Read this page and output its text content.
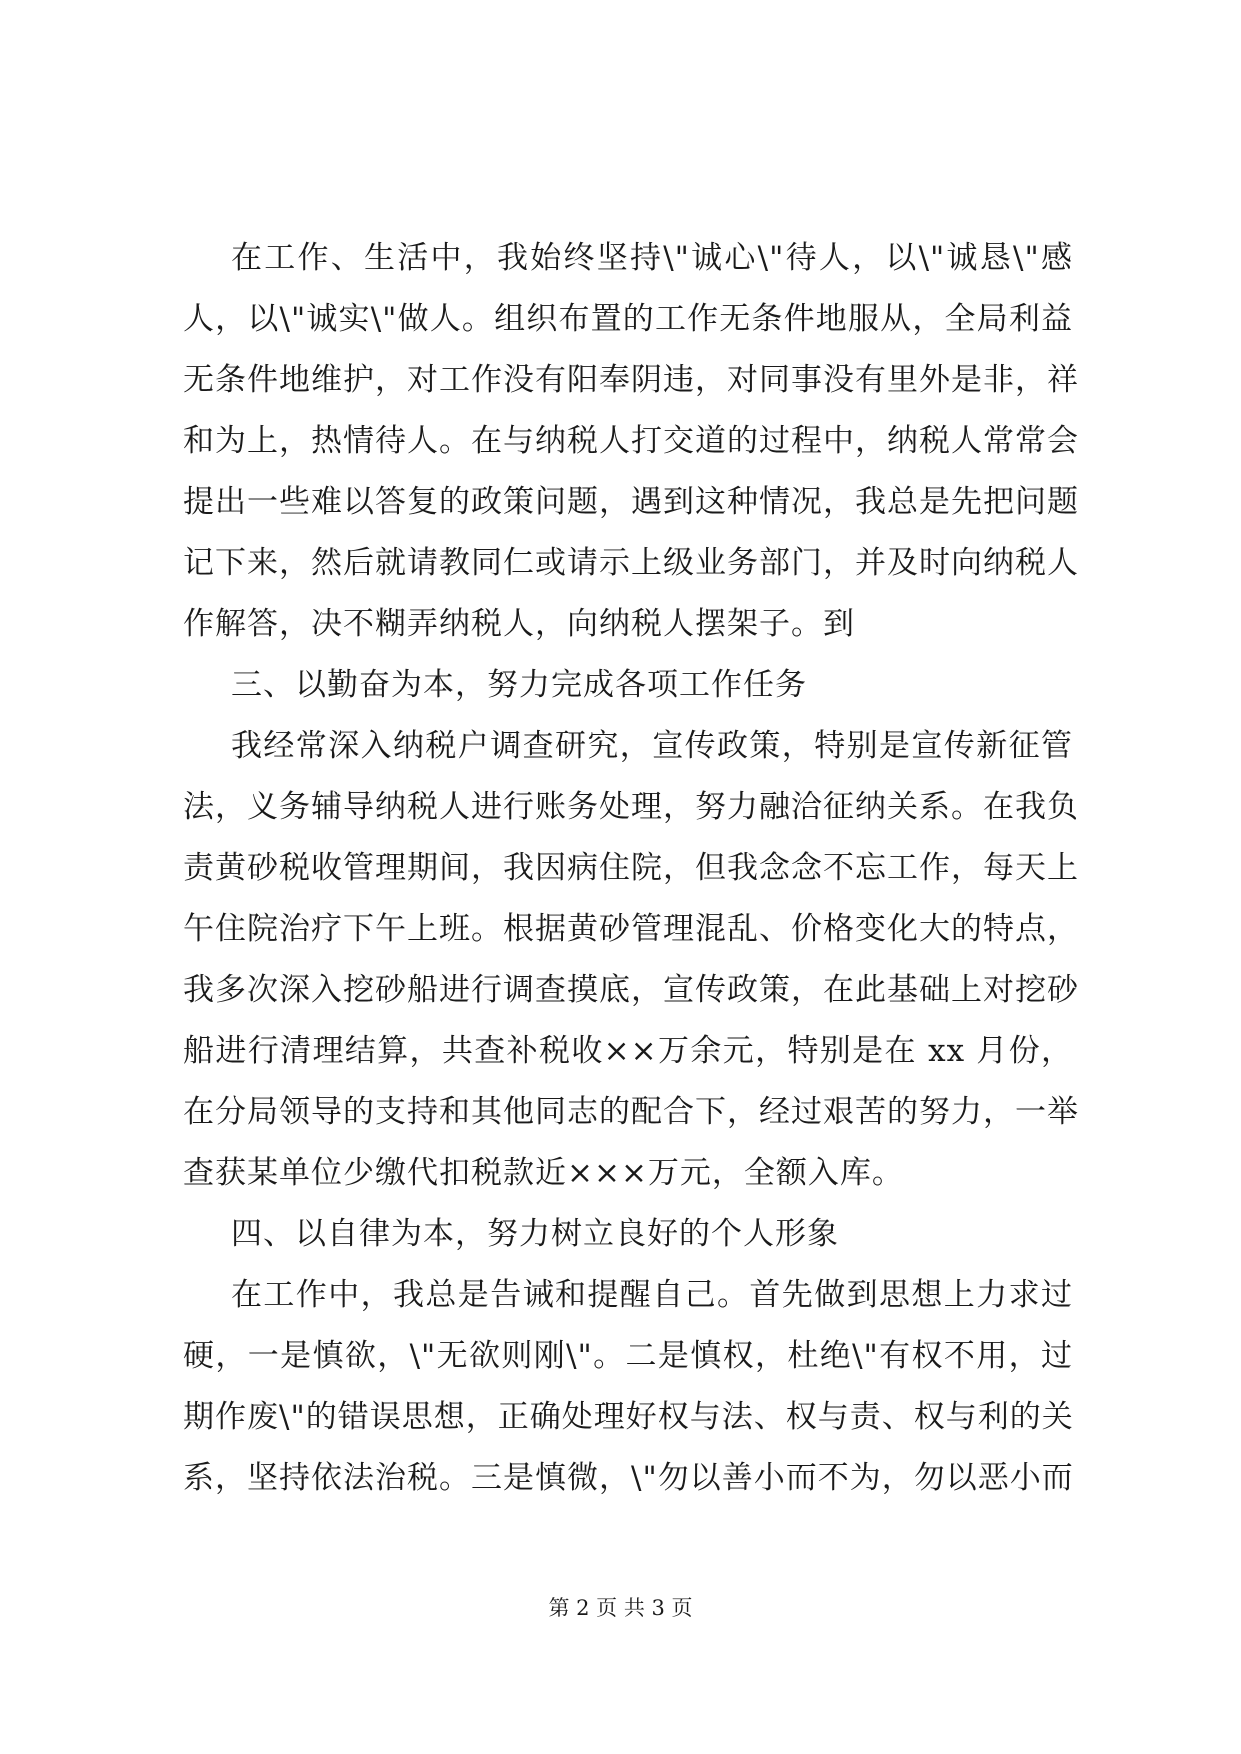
在工作、生活中，我始终坚持\"诚心\"待人，以\"诚恳\"感
人，以\"诚实\"做人。组织布置的工作无条件地服从，全局利益
无条件地维护，对工作没有阳奉阴违，对同事没有里外是非，祥
和为上，热情待人。在与纳税人打交道的过程中，纳税人常常会
提出一些难以答复的政策问题，遇到这种情况，我总是先把问题
记下来，然后就请教同仁或请示上级业务部门，并及时向纳税人
作解答，决不糊弄纳税人，向纳税人摆架子。到
三、以勤奋为本，努力完成各项工作任务
我经常深入纳税户调查研究，宣传政策，特别是宣传新征管
法，义务辅导纳税人进行账务处理，努力融洽征纳关系。在我负
责黄砂税收管理期间，我因病住院，但我念念不忘工作，每天上
午住院治疗下午上班。根据黄砂管理混乱、价格变化大的特点，
我多次深入挖砂船进行调查摸底，宣传政策，在此基础上对挖砂
船进行清理结算，共查补税收××万余元，特别是在 xx 月份，
在分局领导的支持和其他同志的配合下，经过艰苦的努力，一举
查获某单位少缴代扣税款近×××万元，全额入库。
四、以自律为本，努力树立良好的个人形象
在工作中，我总是告诫和提醒自己。首先做到思想上力求过
硬，一是慎欲，\"无欲则刚\"。二是慎权，杜绝\"有权不用，过
期作废\"的错误思想，正确处理好权与法、权与责、权与利的关
系，坚持依法治税。三是慎微，\"勿以善小而不为，勿以恶小而
第 2 页 共 3 页
